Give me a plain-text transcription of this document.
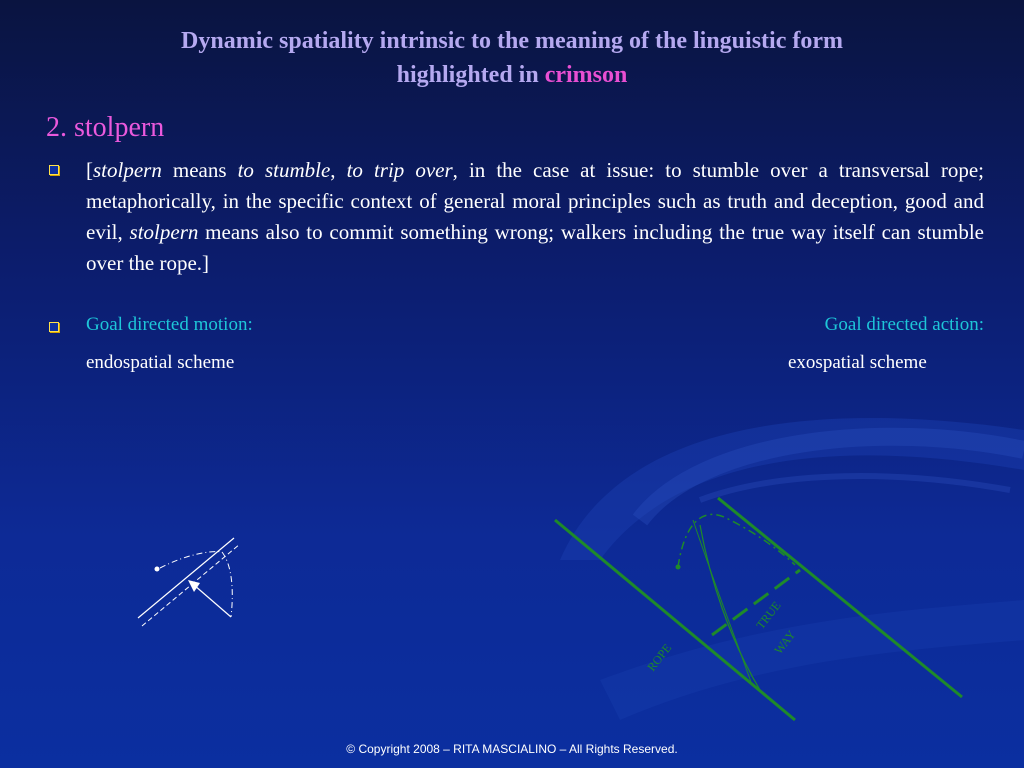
Dynamic spatiality intrinsic to the meaning of the linguistic form
highlighted in crimson
2. stolpern
[stolpern means to stumble, to trip over, in the case at issue: to stumble over a transversal rope; metaphorically, in the specific context of general moral principles such as truth and deception, good and evil, stolpern means also to commit something wrong; walkers including the true way itself can stumble over the rope.]
Goal directed motion:	Goal directed action:
endospatial scheme	exospatial scheme
ROPE
TRUE
WAY
© Copyright 2008 – RITA MASCIALINO – All Rights Reserved.
